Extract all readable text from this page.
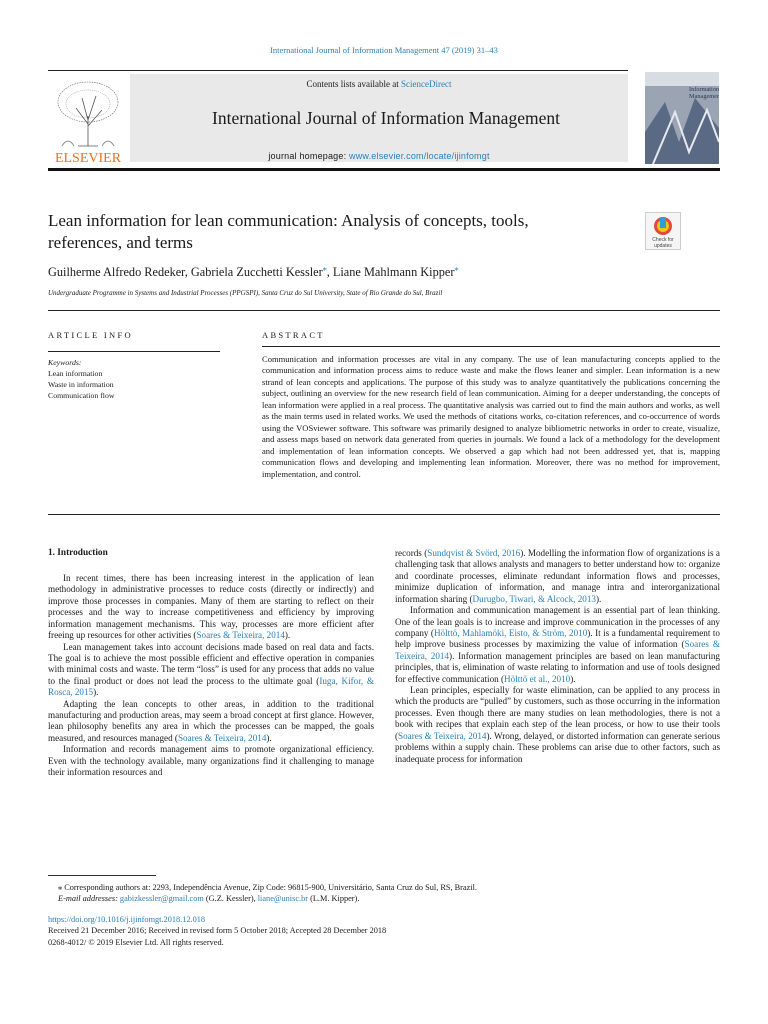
International Journal of Information Management 47 (2019) 31–43
ELSEVIER
Contents lists available at ScienceDirect
International Journal of Information Management
journal homepage: www.elsevier.com/locate/ijinfomgt
Information
Management
Lean information for lean communication: Analysis of concepts, tools,
references, and terms	Check for
updates
Guilherme Alfredo Redeker, Gabriela Zucchetti Kessler⁎, Liane Mahlmann Kipper⁎
Undergraduate Programme in Systems and Industrial Processes (PPGSPI), Santa Cruz do Sul University, State of Rio Grande do Sul, Brazil
ARTICLE INFO	ABSTRACT
Keywords:
Lean information
Waste in information
Communication flow
Communication and information processes are vital in any company. The use of lean manufacturing concepts applied to the communication and information process aims to reduce waste and make the flows leaner and simpler. Lean information is a new strand of lean concepts and applications. The purpose of this study was to analyze quantitatively the publications concerning the subject, outlining an overview for the new research field of lean communication. Aiming for a deeper understanding, the concepts of lean information were applied in a real process. The quantitative analysis was carried out to find the main authors and works, as well as the main terms used in related works. We used the methods of citations works, co-citation references, and co-occurrence of words using the VOSviewer software. This software was primarily designed to analyze bibliometric networks in order to create, visualize, and assess maps based on network data generated from queries in journals. We found a lack of a methodology for the development and implementation of lean information concepts. We observed a gap which had not been addressed yet, that is, mapping communication flows and developing and implementing lean information. Moreover, there was no method for improvement, implementation, and control.
1. Introduction

In recent times, there has been increasing interest in the application of lean methodology in administrative processes to reduce costs (directly or indirectly) and improve those processes in companies. Many of them are starting to reflect on their processes and the way to increase competitiveness and efficiency by improving information management mechanisms. This way, processes are more efficient after freeing up resources for other activities (Soares & Teixeira, 2014).

Lean management takes into account decisions made based on real data and facts. The goal is to achieve the most possible efficient and effective operation in companies with minimal costs and waste. The term “loss” is used for any process that adds no value to the final product or does not lead the process to the ultimate goal (Iuga, Kifor, & Rosca, 2015).

Adapting the lean concepts to other areas, in addition to the traditional manufacturing and production areas, may seem a broad concept at first glance. However, lean philosophy benefits any area in which the processes can be mapped, the goals measured, and resources managed (Soares & Teixeira, 2014).

Information and records management aims to promote organizational efficiency. Even with the technology available, many organizations find it challenging to manage their information resources and

records (Sundqvist & Svörd, 2016). Modelling the information flow of organizations is a challenging task that allows analysts and managers to better understand how to: organize and coordinate processes, eliminate redundant information flows and processes, minimize duplication of information, and manage intra and interorganizational information sharing (Durugbo, Tiwari, & Alcock, 2013).

Information and communication management is an essential part of lean thinking. One of the lean goals is to increase and improve communication in the processes of any company (Hölttö, Mahlamöki, Eisto, & Ström, 2010). It is a fundamental requirement to help improve business processes by maximizing the value of information (Soares & Teixeira, 2014). Information management principles are based on lean manufacturing principles, that is, elimination of waste relating to information and use of tools designed for effective communication (Hölttö et al., 2010).

Lean principles, especially for waste elimination, can be applied to any process in which the products are “pulled” by customers, such as those occurring in the information processes. Even though there are many studies on lean methodologies, there is not a book with recipes that explain each step of the lean process, or how to use their tools (Soares & Teixeira, 2014). Wrong, delayed, or distorted information can generate serious problems within a supply chain. These problems can arise due to other factors, such as inadequate process for information

⁎ Corresponding authors at: 2293, Independência Avenue, Zip Code: 96815-900, Universitário, Santa Cruz do Sul, RS, Brazil.
E-mail addresses: gabizkessler@gmail.com (G.Z. Kessler), liane@unisc.br (L.M. Kipper).
https://doi.org/10.1016/j.ijinfomgt.2018.12.018
Received 21 December 2016; Received in revised form 5 October 2018; Accepted 28 December 2018
0268-4012/ © 2019 Elsevier Ltd. All rights reserved.
